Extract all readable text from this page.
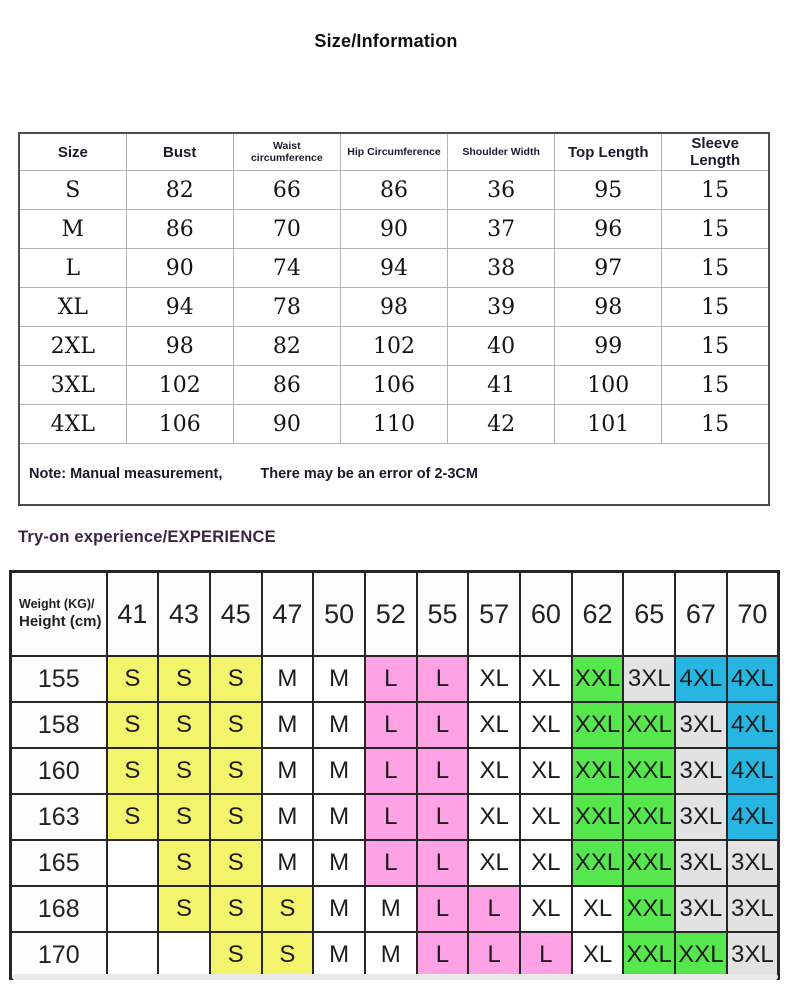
Size/Information
Size	Bust	Waist circumference	Hip Circumference	Shoulder Width	Top Length	Sleeve Length
S	82	66	86	36	95	15
M	86	70	90	37	96	15
L	90	74	94	38	97	15
XL	94	78	98	39	98	15
2XL	98	82	102	40	99	15
3XL	102	86	106	41	100	15
4XL	106	90	110	42	101	15
Note: Manual measurement, There may be an error of 2-3CM						
Try-on experience/EXPERIENCE
Weight (KG)/
Height (cm)	41	43	45	47	50	52	55	57	60	62	65	67	70
155	S	S	S	M	M	L	L	XL	XL	XXL	3XL	4XL	4XL
158	S	S	S	M	M	L	L	XL	XL	XXL	XXL	3XL	4XL
160	S	S	S	M	M	L	L	XL	XL	XXL	XXL	3XL	4XL
163	S	S	S	M	M	L	L	XL	XL	XXL	XXL	3XL	4XL
165		S	S	M	M	L	L	XL	XL	XXL	XXL	3XL	3XL
168		S	S	S	M	M	L	L	XL	XL	XXL	3XL	3XL
170			S	S	M	M	L	L	L	XL	XXL	XXL	3XL
